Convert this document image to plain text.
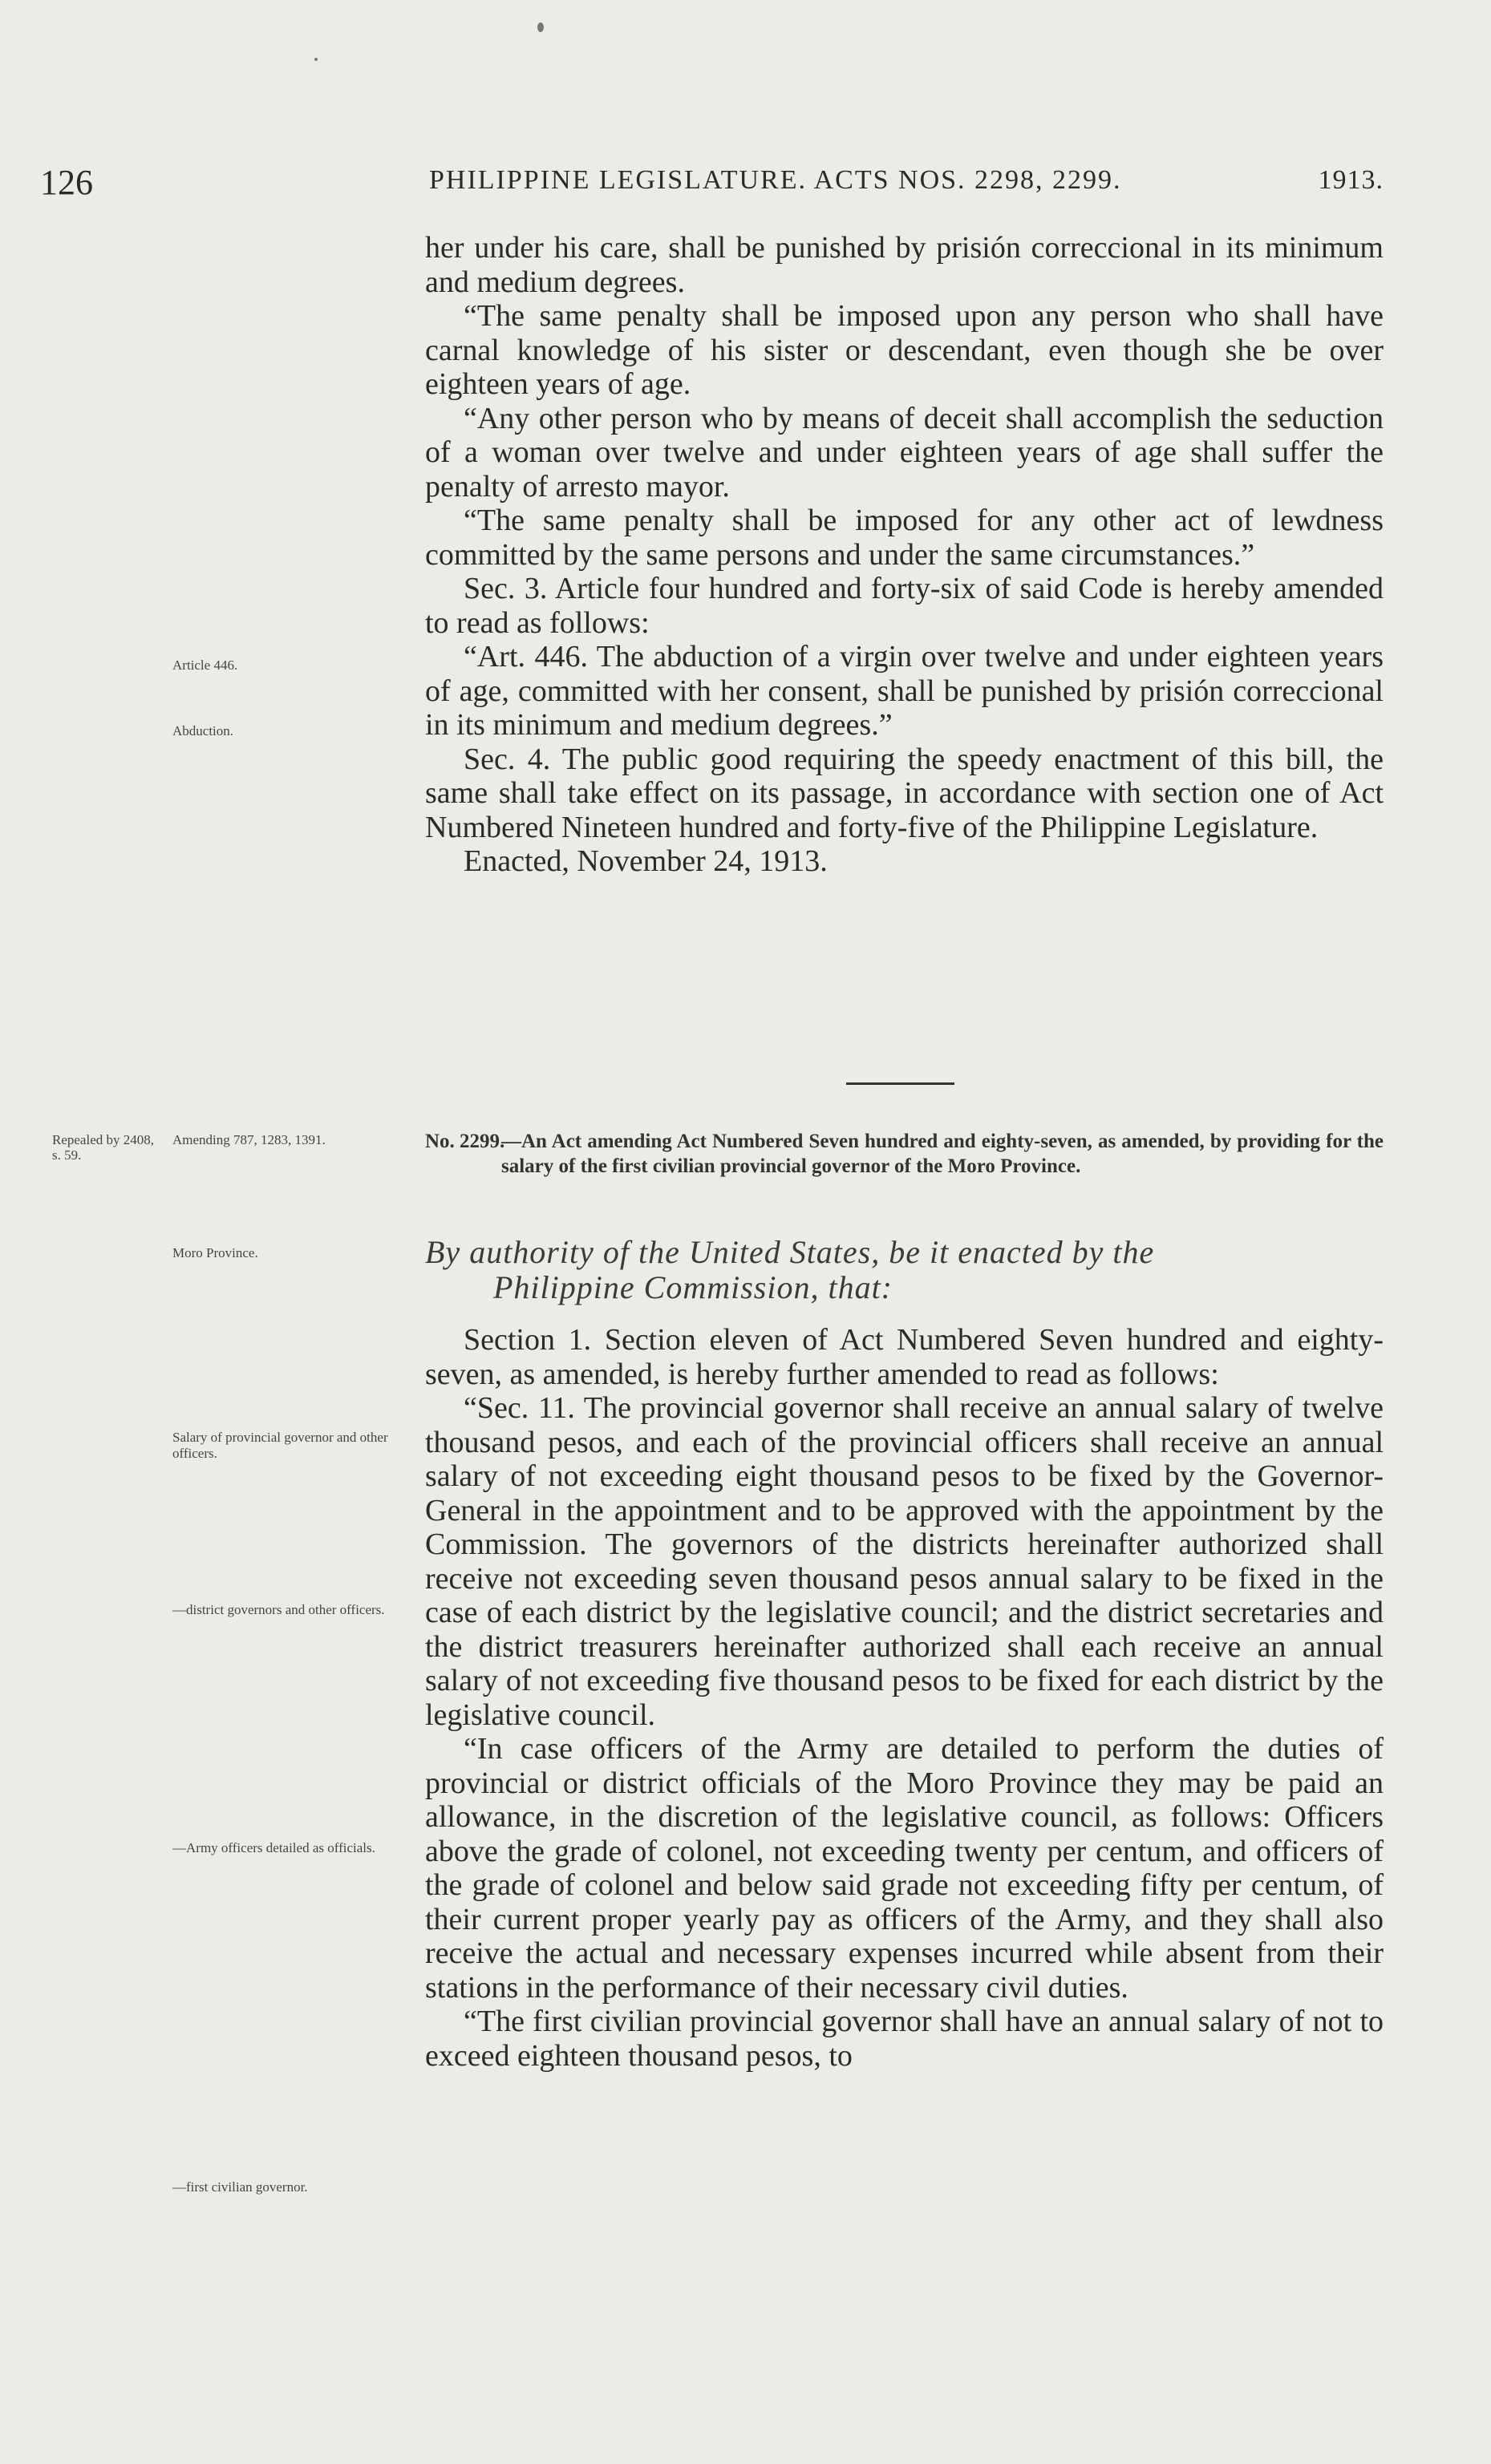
126	PHILIPPINE LEGISLATURE. ACTS NOS. 2298, 2299.	1913.

her under his care, shall be punished by prisión correccional in its minimum and medium degrees.

“The same penalty shall be imposed upon any person who shall have carnal knowledge of his sister or descendant, even though she be over eighteen years of age.

“Any other person who by means of deceit shall accomplish the seduction of a woman over twelve and under eighteen years of age shall suffer the penalty of arresto mayor.

“The same penalty shall be imposed for any other act of lewdness committed by the same persons and under the same circumstances.”

Sec. 3. Article four hundred and forty-six of said Code is hereby amended to read as follows:

“Art. 446. The abduction of a virgin over twelve and under eighteen years of age, committed with her consent, shall be punished by prisión correccional in its minimum and medium degrees.”

Sec. 4. The public good requiring the speedy enactment of this bill, the same shall take effect on its passage, in accordance with section one of Act Numbered Nineteen hundred and forty-five of the Philippine Legislature.

Enacted, November 24, 1913.

Article 446.
Abduction.
Repealed by 2408, s. 59.
Amending 787, 1283, 1391.	No. 2299.
—An Act amending Act Numbered Seven hundred and eighty-seven, as amended, by providing for the salary of the first civilian provincial governor of the Moro Province.
Moro Province.	By authority of the United States, be it enacted by the

Philippine Commission, that:

Section 1. Section eleven of Act Numbered Seven hundred and eighty-seven, as amended, is hereby further amended to read as follows:

“Sec. 11. The provincial governor shall receive an annual salary of twelve thousand pesos, and each of the provincial officers shall receive an annual salary of not exceeding eight thousand pesos to be fixed by the Governor-General in the appointment and to be approved with the appointment by the Commission. The governors of the districts hereinafter authorized shall receive not exceeding seven thousand pesos annual salary to be fixed in the case of each district by the legislative council; and the district secretaries and the district treasurers hereinafter authorized shall each receive an annual salary of not exceeding five thousand pesos to be fixed for each district by the legislative council.

“In case officers of the Army are detailed to perform the duties of provincial or district officials of the Moro Province they may be paid an allowance, in the discretion of the legislative council, as follows: Officers above the grade of colonel, not exceeding twenty per centum, and officers of the grade of colonel and below said grade not exceeding fifty per centum, of their current proper yearly pay as officers of the Army, and they shall also receive the actual and necessary expenses incurred while absent from their stations in the performance of their necessary civil duties.

“The first civilian provincial governor shall have an annual salary of not to exceed eighteen thousand pesos, to

Salary of provincial governor and other officers.
—district governors and other officers.
—Army officers detailed as officials.
—first civilian governor.
